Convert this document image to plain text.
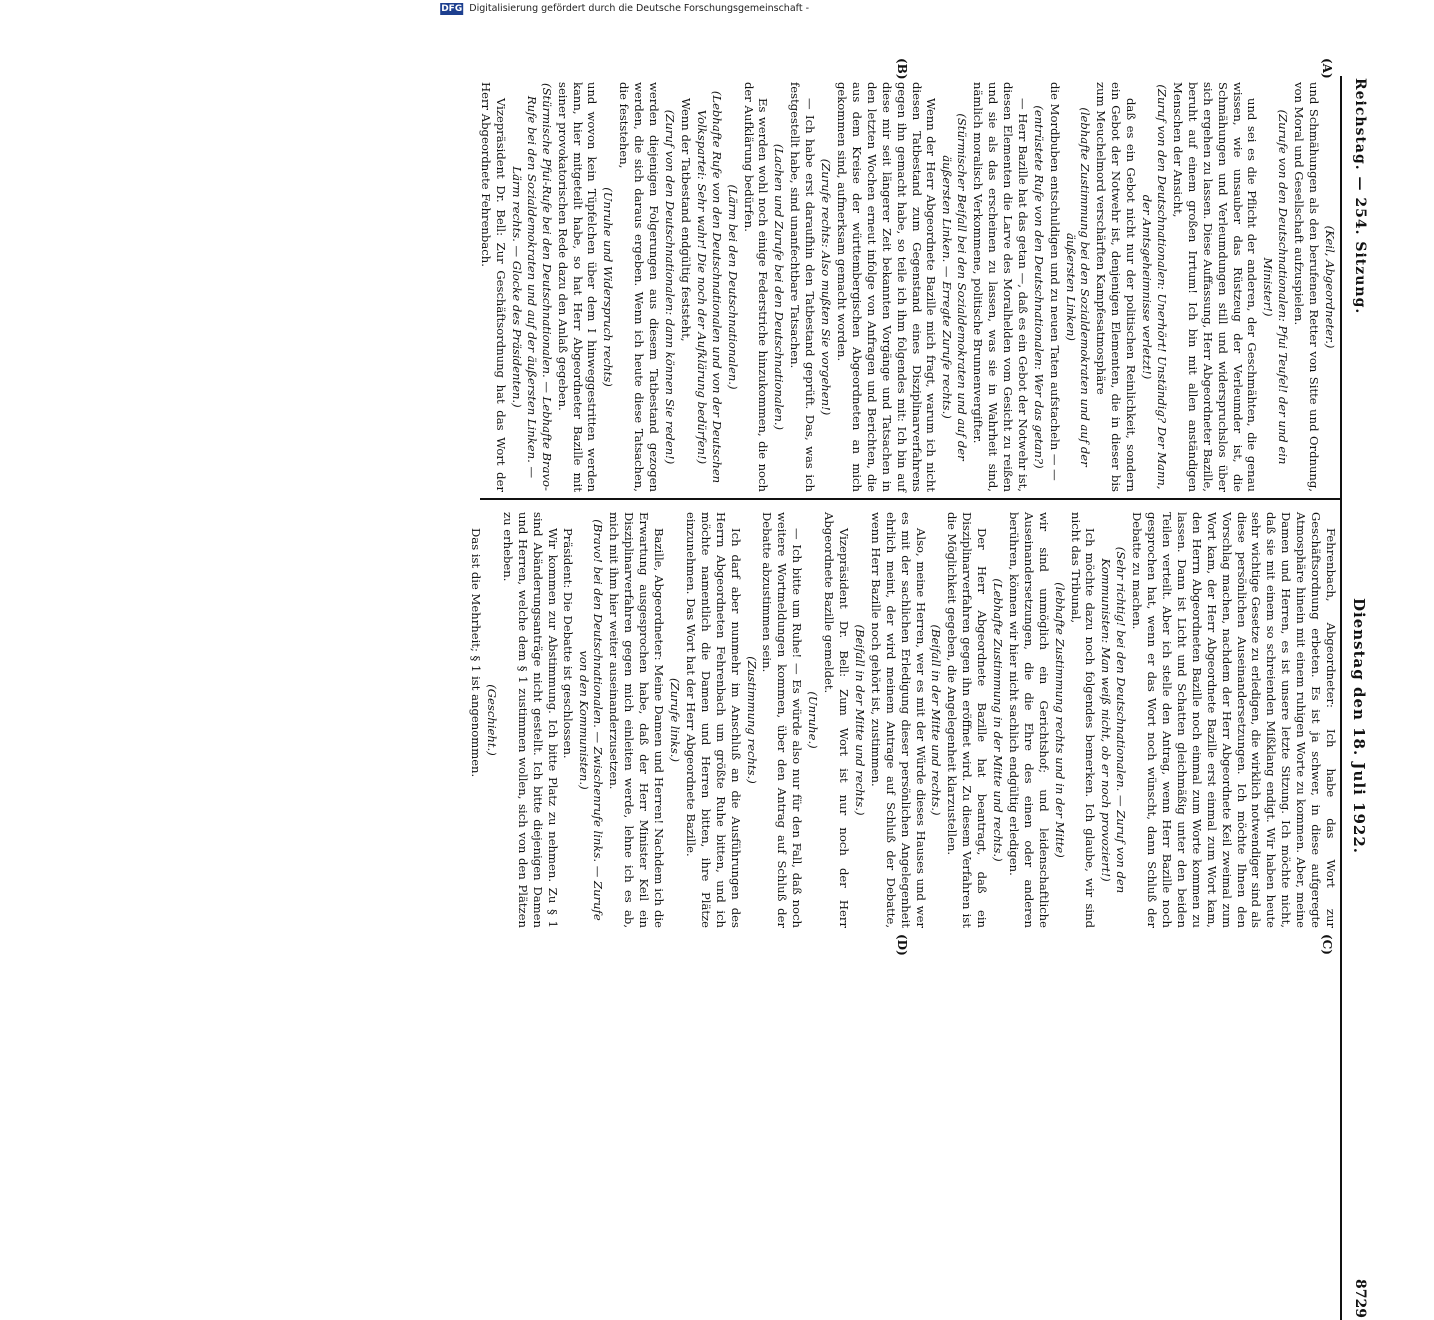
DFG Digitalisierung gefördert durch die Deutsche Forschungsgemeinschaft -
Reichstag. — 254. Sitzung.
Dienstag den 18. Juli 1922.
8729
(A)
(B)
(C)
(D)

(Keil, Abgeordneter.)

und Schmähungen als den berufenen Retter von Sitte und Ordnung, von Moral und Gesellschaft aufzuspielen.

(Zurufe von den Deutschnationalen: Pfui Teufel! der und ein Minister!)

und sei es die Pflicht der anderen, der Geschmähten, die genau wissen, wie unsauber das Rüstzeug der Verleumder ist, die Schmähungen und Verleumdungen still und widerspruchslos über sich ergehen zu lassen. Diese Auffassung, Herr Abgeordneter Bazille, beruht auf einem großen Irrtum! Ich bin mit allen anständigen Menschen der Ansicht,

(Zuruf von den Deutschnationalen: Unerhört! Unständig? Der Mann, der Amtsgeheimnisse verletzt!)

daß es ein Gebot nicht nur der politischen Reinlichkeit, sondern ein Gebot der Notwehr ist, denjenigen Elementen, die in dieser bis zum Meuchelmord verschärften Kampfesatmosphäre

(lebhafte Zustimmung bei den Sozialdemokraten und auf der äußersten Linken)

die Mordbuben entschuldigen und zu neuen Taten aufstacheln — —

(entrüstete Rufe von den Deutschnationalen: Wer das getan?)

— Herr Bazille hat das getan —, daß es ein Gebot der Notwehr ist, diesen Elementen die Larve des Moralhelden vom Gesicht zu reißen und sie als das erscheinen zu lassen, was sie in Wahrheit sind, nämlich moralisch Verkommene, politische Brunnenvergifter.

(Stürmischer Beifall bei den Sozialdemokraten und auf der äußersten Linken. — Erregte Zurufe rechts.)

Wenn der Herr Abgeordnete Bazille mich fragt, warum ich nicht diesen Tatbestand zum Gegenstand eines Disziplinarverfahrens gegen ihn gemacht habe, so teile ich ihm folgendes mit: Ich bin auf diese mir seit längerer Zeit bekannten Vorgänge und Tatsachen in den letzten Wochen erneut infolge von Anfragen und Berichten, die aus dem Kreise der württembergischen Abgeordneten an mich gekommen sind, aufmerksam gemacht worden.

(Zurufe rechts: Also mußten Sie vorgehen!)

— Ich habe erst daraufhin den Tatbestand geprüft. Das, was ich festgestellt habe, sind unanfechtbare Tatsachen.

(Lachen und Zurufe bei den Deutschnationalen.)

Es werden wohl noch einige Federstriche hinzukommen, die noch der Aufklärung bedürfen.

(Lärm bei den Deutschnationalen.)

(Lebhafte Rufe von den Deutschnationalen und von der Deutschen Volkspartei: Sehr wahr! Die noch der Aufklärung bedürfen!)

Wenn der Tatbestand endgültig feststeht,

(Zuruf von den Deutschnationalen: dann können Sie reden!)

werden diejenigen Folgerungen aus diesem Tatbestand gezogen werden, die sich daraus ergeben. Wenn ich heute diese Tatsachen, die feststehen,

(Unruhe und Widerspruch rechts)

und wovon kein Tüpfelchen über dem I hinweggestritten werden kann, hier mitgeteilt habe, so hat Herr Abgeordneter Bazille mit seiner provokatorischen Rede dazu den Anlaß gegeben.

(Stürmische Pfui-Rufe bei den Deutschnationalen. — Lebhafte Bravo-Rufe bei den Sozialdemokraten und auf der äußersten Linken. — Lärm rechts. — Glocke des Präsidenten.)

Vizepräsident Dr. Bell: Zur Geschäftsordnung hat das Wort der Herr Abgeordnete Fehrenbach.

Fehrenbach, Abgeordneter: Ich habe das Wort zur Geschäftsordnung erbeten. Es ist ja schwer, in diese aufgeregte Atmosphäre hinein mit einem ruhigen Worte zu kommen. Aber, meine Damen und Herren, es ist unsere letzte Sitzung. Ich möchte nicht, daß sie mit einem so schreienden Mißklang endigt. Wir haben heute sehr wichtige Gesetze zu erledigen, die wirklich notwendiger sind als diese persönlichen Auseinandersetzungen. Ich möchte Ihnen den Vorschlag machen, nachdem der Herr Abgeordnete Keil zweimal zum Wort kam, der Herr Abgeordnete Bazille erst einmal zum Wort kam, den Herrn Abgeordneten Bazille noch einmal zum Worte kommen zu lassen. Dann ist Licht und Schatten gleichmäßig unter den beiden Teilen verteilt. Aber ich stelle den Antrag, wenn Herr Bazille noch gesprochen hat, wenn er das Wort noch wünscht, dann Schluß der Debatte zu machen.

(Sehr richtig! bei den Deutschnationalen. — Zuruf von den Kommunisten: Man weiß nicht, ob er noch provoziert!)

Ich möchte dazu noch folgendes bemerken. Ich glaube, wir sind nicht das Tribunal,

(lebhafte Zustimmung rechts und in der Mitte)

wir sind unmöglich ein Gerichtshof; und leidenschaftliche Auseinandersetzungen, die die Ehre des einen oder anderen berühren, können wir hier nicht sachlich endgültig erledigen.

(Lebhafte Zustimmung in der Mitte und rechts.)

Der Herr Abgeordnete Bazille hat beantragt, daß ein Disziplinarverfahren gegen ihn eröffnet wird. Zu diesem Verfahren ist die Möglichkeit gegeben, die Angelegenheit klarzustellen.

(Beifall in der Mitte und rechts.)

Also, meine Herren, wer es mit der Würde dieses Hauses und wer es mit der sachlichen Erledigung dieser persönlichen Angelegenheit ehrlich meint, der wird meinem Antrage auf Schluß der Debatte, wenn Herr Bazille noch gehört ist, zustimmen.

(Beifall in der Mitte und rechts.)

Vizepräsident Dr. Bell: Zum Wort ist nur noch der Herr Abgeordnete Bazille gemeldet.

(Unruhe.)

— Ich bitte um Ruhe! — Es würde also nur für den Fall, daß noch weitere Wortmeldungen kommen, über den Antrag auf Schluß der Debatte abzustimmen sein.

(Zustimmung rechts.)

Ich darf aber nunmehr im Anschluß an die Ausführungen des Herrn Abgeordneten Fehrenbach um größte Ruhe bitten, und ich möchte namentlich die Damen und Herren bitten, ihre Plätze einzunehmen. Das Wort hat der Herr Abgeordnete Bazille.

(Zurufe links.)

Bazille, Abgeordneter: Meine Damen und Herren! Nachdem ich die Erwartung ausgesprochen habe, daß der Herr Minister Keil ein Disziplinarverfahren gegen mich einleiten werde, lehne ich es ab, mich mit ihm hier weiter auseinanderzusetzen.

(Bravo! bei den Deutschnationalen. — Zwischenrufe links. — Zurufe von den Kommunisten.)

Präsident: Die Debatte ist geschlossen.

Wir kommen zur Abstimmung. Ich bitte Platz zu nehmen. Zu § 1 sind Abänderungsanträge nicht gestellt. Ich bitte diejenigen Damen und Herren, welche dem § 1 zustimmen wollen, sich von den Plätzen zu erheben.

(Geschieht.)

Das ist die Mehrheit; § 1 ist angenommen.
